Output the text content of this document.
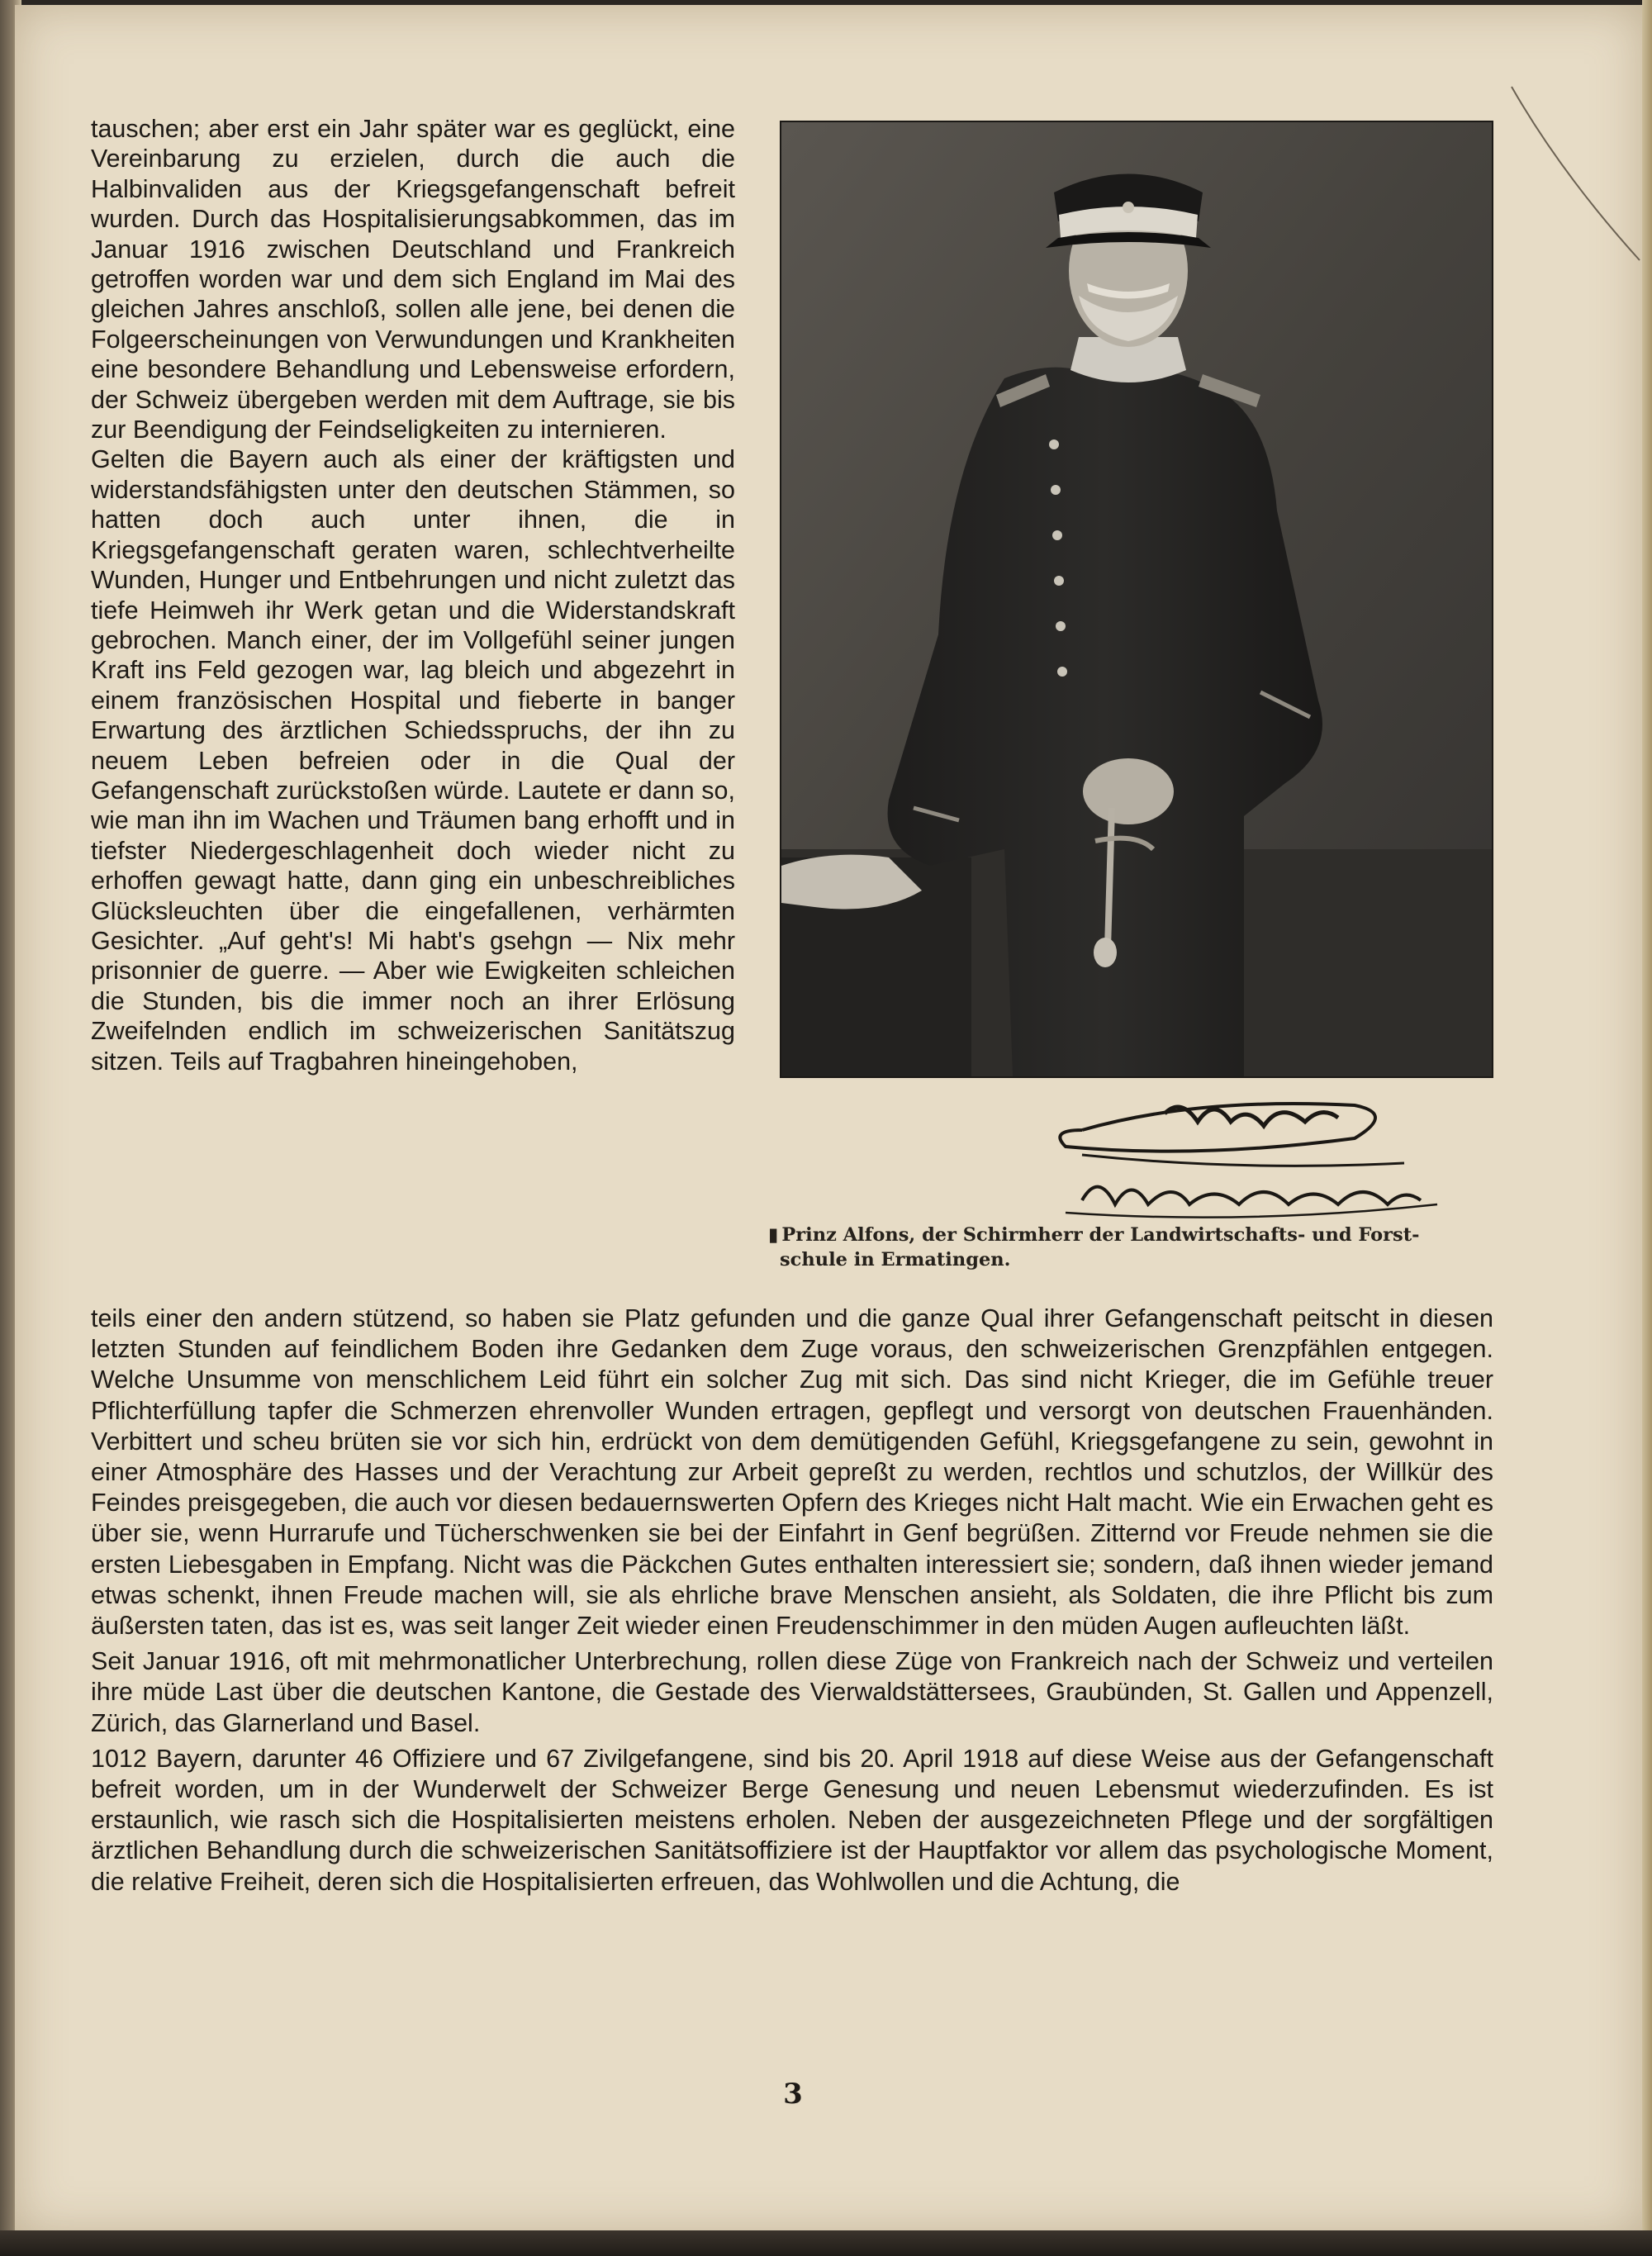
tauschen; aber erst ein Jahr später war es geglückt, eine Vereinbarung zu erzielen, durch die auch die Halbinvaliden aus der Kriegsgefangenschaft befreit wurden. Durch das Hospitalisierungsabkommen, das im Januar 1916 zwischen Deutschland und Frankreich getroffen worden war und dem sich England im Mai des gleichen Jahres anschloß, sollen alle jene, bei denen die Folgeerscheinungen von Verwundungen und Krankheiten eine besondere Behandlung und Lebensweise erfordern, der Schweiz übergeben werden mit dem Auftrage, sie bis zur Beendigung der Feindseligkeiten zu internieren.

Gelten die Bayern auch als einer der kräftigsten und widerstandsfähigsten unter den deutschen Stämmen, so hatten doch auch unter ihnen, die in Kriegsgefangenschaft geraten waren, schlechtverheilte Wunden, Hunger und Entbehrungen und nicht zuletzt das tiefe Heimweh ihr Werk getan und die Widerstandskraft gebrochen. Manch einer, der im Vollgefühl seiner jungen Kraft ins Feld gezogen war, lag bleich und abgezehrt in einem französischen Hospital und fieberte in banger Erwartung des ärztlichen Schiedsspruchs, der ihn zu neuem Leben befreien oder in die Qual der Gefangenschaft zurückstoßen würde. Lautete er dann so, wie man ihn im Wachen und Träumen bang erhofft und in tiefster Niedergeschlagenheit doch wieder nicht zu erhoffen gewagt hatte, dann ging ein unbeschreibliches Glücksleuchten über die eingefallenen, verhärmten Gesichter. „Auf geht's! Mi habt's gsehgn — Nix mehr prisonnier de guerre. — Aber wie Ewigkeiten schleichen die Stunden, bis die immer noch an ihrer Erlösung Zweifelnden endlich im schweizerischen Sanitätszug sitzen. Teils auf Tragbahren hineingehoben,

▮ Prinz Alfons, der Schirmherr der Landwirtschafts- und Forst-
schule in Ermatingen.

teils einer den andern stützend, so haben sie Platz gefunden und die ganze Qual ihrer Gefangenschaft peitscht in diesen letzten Stunden auf feindlichem Boden ihre Gedanken dem Zuge voraus, den schweizerischen Grenzpfählen entgegen. Welche Unsumme von menschlichem Leid führt ein solcher Zug mit sich. Das sind nicht Krieger, die im Gefühle treuer Pflichterfüllung tapfer die Schmerzen ehrenvoller Wunden ertragen, gepflegt und versorgt von deutschen Frauenhänden. Verbittert und scheu brüten sie vor sich hin, erdrückt von dem demütigenden Gefühl, Kriegsgefangene zu sein, gewohnt in einer Atmosphäre des Hasses und der Verachtung zur Arbeit gepreßt zu werden, rechtlos und schutzlos, der Willkür des Feindes preisgegeben, die auch vor diesen bedauernswerten Opfern des Krieges nicht Halt macht. Wie ein Erwachen geht es über sie, wenn Hurrarufe und Tücherschwenken sie bei der Einfahrt in Genf begrüßen. Zitternd vor Freude nehmen sie die ersten Liebesgaben in Empfang. Nicht was die Päckchen Gutes enthalten interessiert sie; sondern, daß ihnen wieder jemand etwas schenkt, ihnen Freude machen will, sie als ehrliche brave Menschen ansieht, als Soldaten, die ihre Pflicht bis zum äußersten taten, das ist es, was seit langer Zeit wieder einen Freudenschimmer in den müden Augen aufleuchten läßt.

Seit Januar 1916, oft mit mehrmonatlicher Unterbrechung, rollen diese Züge von Frankreich nach der Schweiz und verteilen ihre müde Last über die deutschen Kantone, die Gestade des Vierwaldstättersees, Graubünden, St. Gallen und Appenzell, Zürich, das Glarnerland und Basel.

1012 Bayern, darunter 46 Offiziere und 67 Zivilgefangene, sind bis 20. April 1918 auf diese Weise aus der Gefangenschaft befreit worden, um in der Wunderwelt der Schweizer Berge Genesung und neuen Lebensmut wiederzufinden. Es ist erstaunlich, wie rasch sich die Hospitalisierten meistens erholen. Neben der ausgezeichneten Pflege und der sorgfältigen ärztlichen Behandlung durch die schweizerischen Sanitätsoffiziere ist der Hauptfaktor vor allem das psychologische Moment, die relative Freiheit, deren sich die Hospitalisierten erfreuen, das Wohlwollen und die Achtung, die

3
